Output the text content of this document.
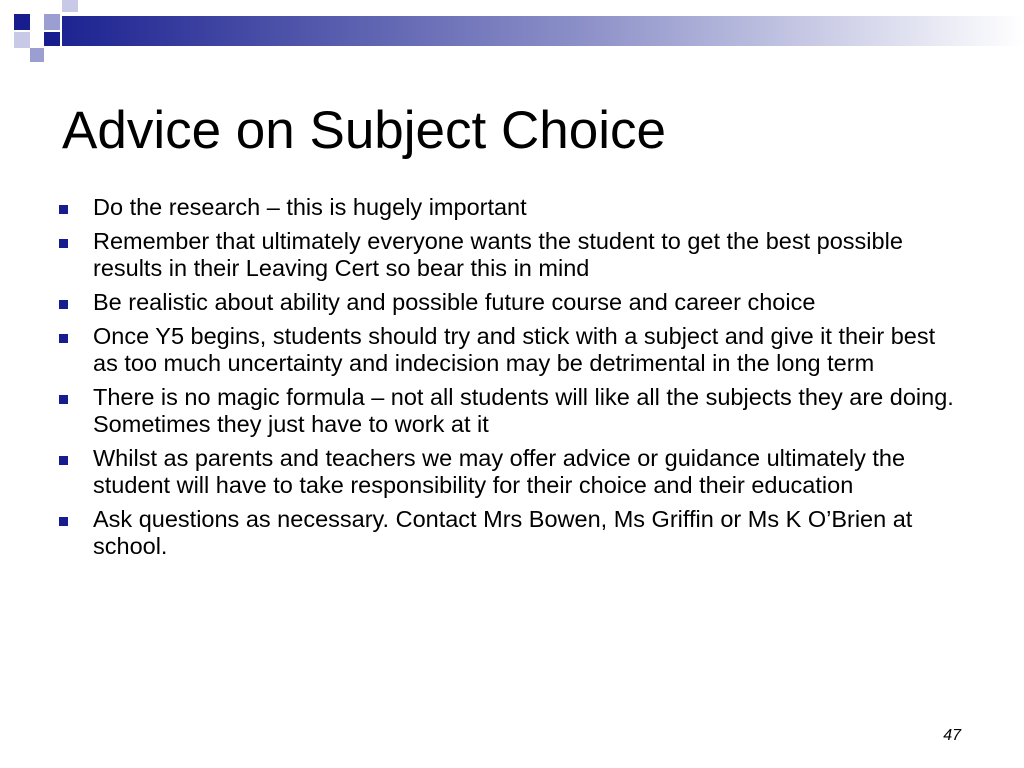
Advice on Subject Choice
Do the research – this is hugely important
Remember that ultimately everyone wants the student to get the best possible results in their Leaving Cert so bear this in mind
Be realistic about ability and possible future course and career choice
Once Y5 begins, students should try and stick with a subject and give it their best as too much uncertainty and indecision may be detrimental in the long term
There is no magic formula – not all students will like all the subjects they are doing. Sometimes they just have to work at it
Whilst as parents and teachers we may offer advice or guidance ultimately the student will have to take responsibility for their choice and their education
Ask questions as necessary. Contact Mrs Bowen, Ms Griffin or Ms K O’Brien at school.
47
